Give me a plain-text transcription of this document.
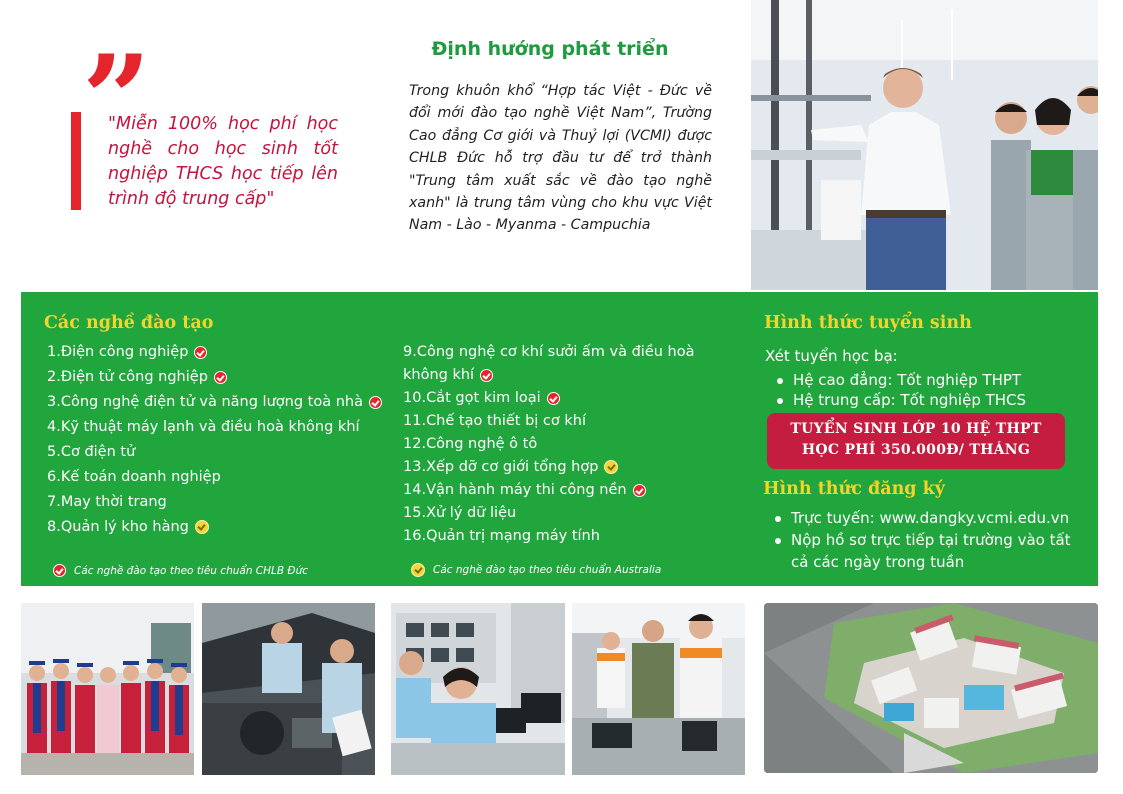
”
"Miễn 100% học phí học nghề cho học sinh tốt nghiệp THCS học tiếp lên trình độ trung cấp"
Định hướng phát triển
Trong khuôn khổ “Hợp tác Việt - Đức về đổi mới đào tạo nghề Việt Nam”, Trường Cao đẳng Cơ giới và Thuỷ lợi (VCMI) được CHLB Đức hỗ trợ đầu tư để trở thành "Trung tâm xuất sắc về đào tạo nghề xanh" là trung tâm vùng cho khu vực Việt Nam - Lào - Myanma - Campuchia
Các nghề đào tạo
1. Điện công nghiệp
2. Điện tử công nghiệp
3. Công nghệ điện tử và năng lượng toà nhà
4. Kỹ thuật máy lạnh và điều hoà không khí
5. Cơ điện tử
6. Kế toán doanh nghiệp
7. May thời trang
8. Quản lý kho hàng
9. Công nghệ cơ khí sưởi ấm và điều hoà
không khí
10. Cắt gọt kim loại
11. Chế tạo thiết bị cơ khí
12. Công nghệ ô tô
13. Xếp dỡ cơ giới tổng hợp
14. Vận hành máy thi công nền
15. Xử lý dữ liệu
16. Quản trị mạng máy tính
Các nghề đào tạo theo tiêu chuẩn CHLB Đức	Các nghề đào tạo theo tiêu chuẩn Australia
Hình thức tuyển sinh
Xét tuyển học bạ:
Hệ cao đẳng: Tốt nghiệp THPT
Hệ trung cấp: Tốt nghiệp THCS
TUYỂN SINH LỚP 10 HỆ THPT
HỌC PHÍ 350.000Đ/ THÁNG
Hình thức đăng ký
Trực tuyến: www.dangky.vcmi.edu.vn
Nộp hồ sơ trực tiếp tại trường vào tất
cả các ngày trong tuần
